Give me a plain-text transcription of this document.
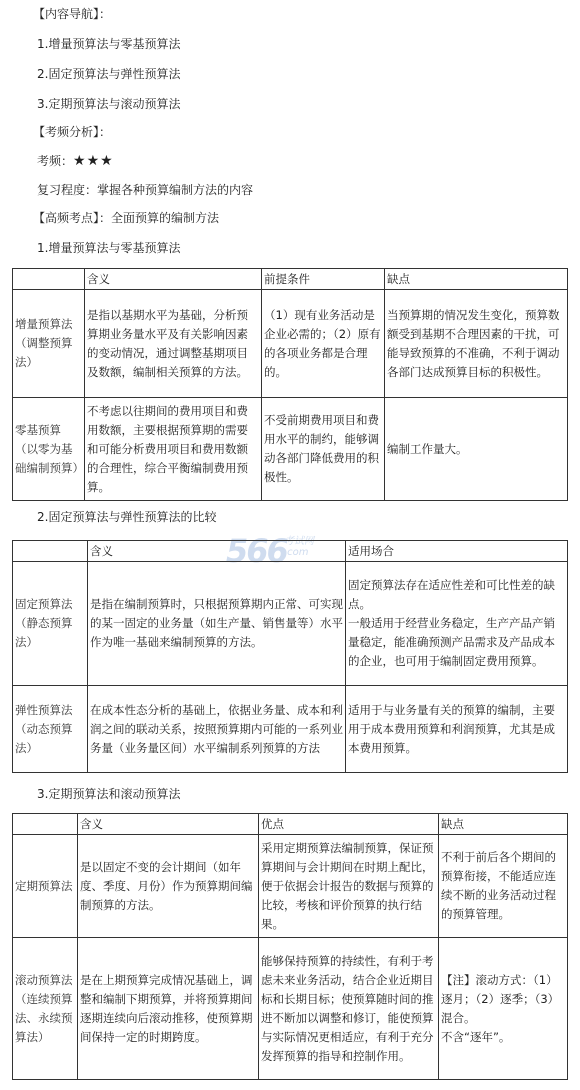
【内容导航】：
1.增量预算法与零基预算法
2.固定预算法与弹性预算法
3.定期预算法与滚动预算法
【考频分析】：
考频：★★★
复习程度：掌握各种预算编制方法的内容
【高频考点】：全面预算的编制方法
1.增量预算法与零基预算法
	含义	前提条件	缺点
增量预算法（调整预算法）	是指以基期水平为基础，分析预算期业务量水平及有关影响因素的变动情况，通过调整基期项目及数额，编制相关预算的方法。	（1）现有业务活动是企业必需的；（2）原有的各项业务都是合理的。	当预算期的情况发生变化，预算数额受到基期不合理因素的干扰，可能导致预算的不准确，不利于调动各部门达成预算目标的积极性。
零基预算（以零为基础编制预算）	不考虑以往期间的费用项目和费用数额，主要根据预算期的需要和可能分析费用项目和费用数额的合理性，综合平衡编制费用预算。	不受前期费用项目和费用水平的制约，能够调动各部门降低费用的积极性。	编制工作量大。
2.固定预算法与弹性预算法的比较
566
考试网
.com
	含义	适用场合
固定预算法（静态预算法）	是指在编制预算时，只根据预算期内正常、可实现的某一固定的业务量（如生产量、销售量等）水平作为唯一基础来编制预算的方法。	固定预算法存在适应性差和可比性差的缺点。
一般适用于经营业务稳定，生产产品产销量稳定，能准确预测产品需求及产品成本的企业，也可用于编制固定费用预算。

弹性预算法（动态预算法）	在成本性态分析的基础上，依据业务量、成本和利润之间的联动关系，按照预算期内可能的一系列业务量（业务量区间）水平编制系列预算的方法	适用于与业务量有关的预算的编制，主要用于成本费用预算和利润预算，尤其是成本费用预算。
3.定期预算法和滚动预算法
	含义	优点	缺点
定期预算法	是以固定不变的会计期间（如年度、季度、月份）作为预算期间编制预算的方法。	采用定期预算法编制预算，保证预算期间与会计期间在时期上配比，便于依据会计报告的数据与预算的比较，考核和评价预算的执行结果。	不利于前后各个期间的预算衔接，不能适应连续不断的业务活动过程的预算管理。
滚动预算法（连续预算法、永续预算法）	是在上期预算完成情况基础上，调整和编制下期预算，并将预算期间逐期连续向后滚动推移，使预算期间保持一定的时期跨度。	能够保持预算的持续性，有利于考虑未来业务活动，结合企业近期目标和长期目标；使预算随时间的推进不断加以调整和修订，能使预算与实际情况更相适应，有利于充分发挥预算的指导和控制作用。	【注】滚动方式：（1）逐月；（2）逐季；（3）混合。
不含“逐年”。
